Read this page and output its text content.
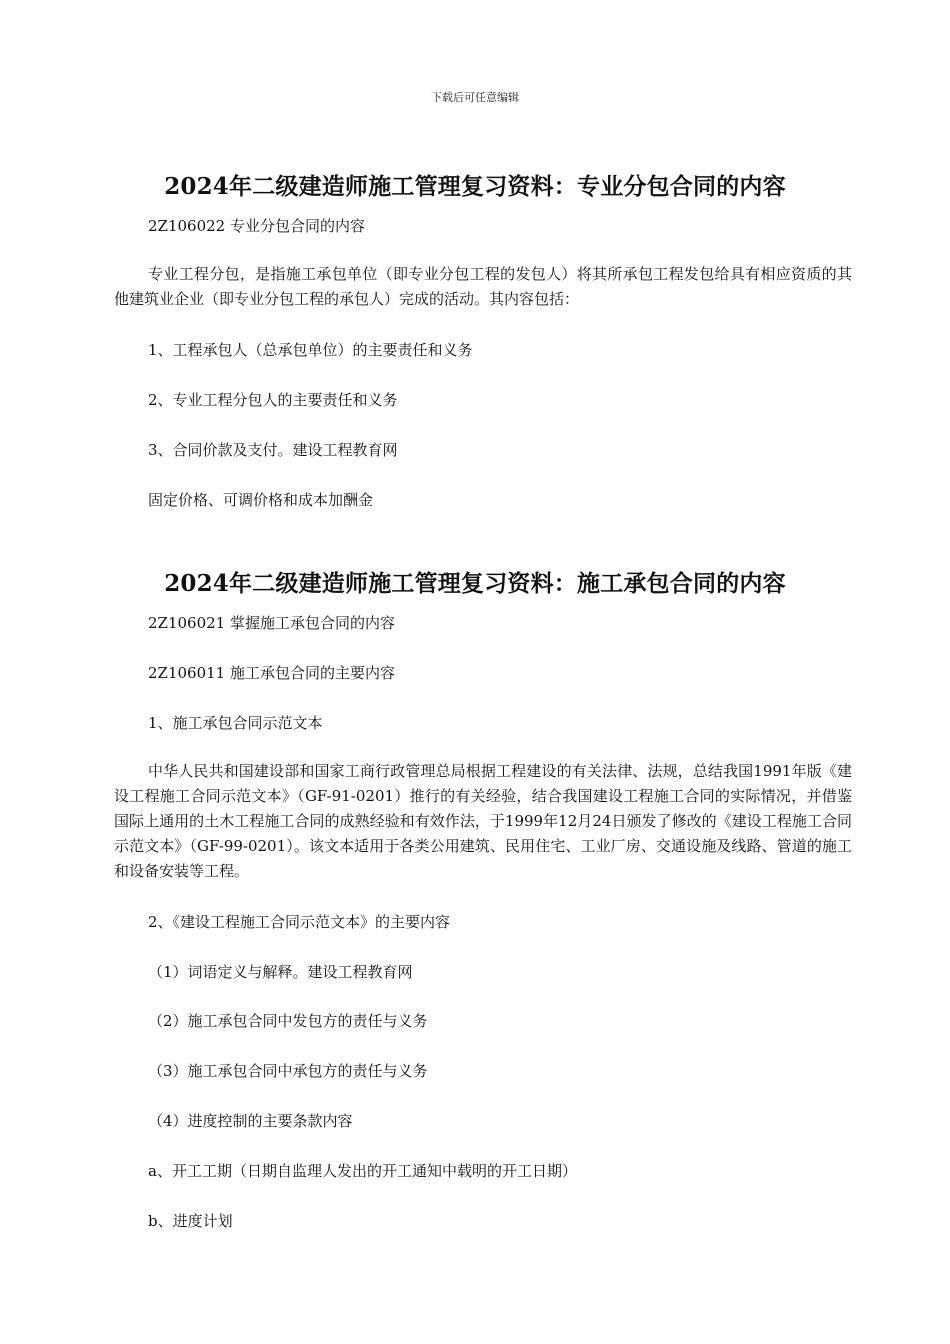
下载后可任意编辑
2024年二级建造师施工管理复习资料：专业分包合同的内容
2Z106022 专业分包合同的内容
专业工程分包，是指施工承包单位（即专业分包工程的发包人）将其所承包工程发包给具有相应资质的其他建筑业企业（即专业分包工程的承包人）完成的活动。其内容包括：
1、工程承包人（总承包单位）的主要责任和义务
2、专业工程分包人的主要责任和义务
3、合同价款及支付。建设工程教育网
固定价格、可调价格和成本加酬金
2024年二级建造师施工管理复习资料：施工承包合同的内容
2Z106021 掌握施工承包合同的内容
2Z106011 施工承包合同的主要内容
1、施工承包合同示范文本
中华人民共和国建设部和国家工商行政管理总局根据工程建设的有关法律、法规，总结我国1991年版《建设工程施工合同示范文本》（GF-91-0201）推行的有关经验，结合我国建设工程施工合同的实际情况，并借鉴国际上通用的土木工程施工合同的成熟经验和有效作法，于1999年12月24日颁发了修改的《建设工程施工合同示范文本》（GF-99-0201）。该文本适用于各类公用建筑、民用住宅、工业厂房、交通设施及线路、管道的施工和设备安装等工程。
2、《建设工程施工合同示范文本》的主要内容
（1）词语定义与解释。建设工程教育网
（2）施工承包合同中发包方的责任与义务
（3）施工承包合同中承包方的责任与义务
（4）进度控制的主要条款内容
a、开工工期（日期自监理人发出的开工通知中载明的开工日期）
b、进度计划
